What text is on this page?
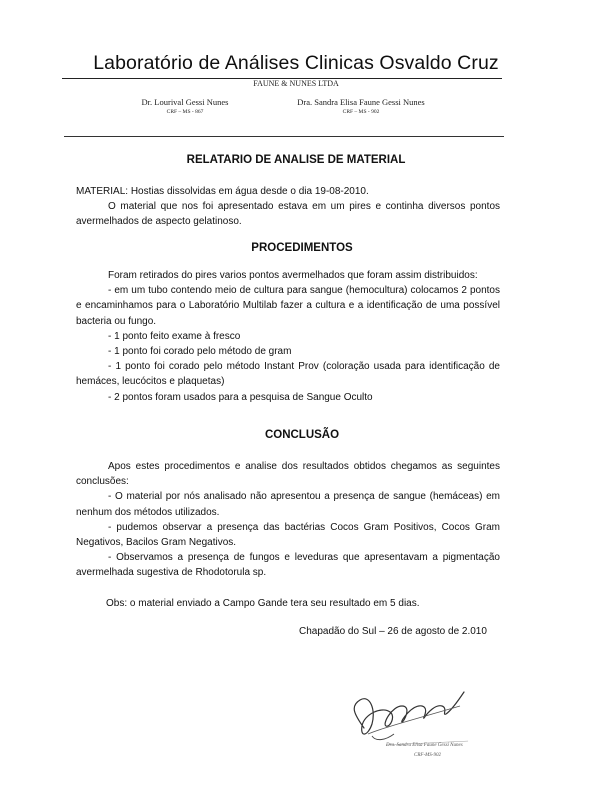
Laboratório de Análises Clinicas Osvaldo Cruz
FAUNE & NUNES LTDA
Dr. Lourival Gessi Nunes
CRF – MS - 867
Dra. Sandra Elisa Faune Gessi Nunes
CRF – MS - 902
RELATARIO DE ANALISE DE MATERIAL

MATERIAL: Hostias dissolvidas em água desde o dia 19-08-2010.

O material que nos foi apresentado estava em um pires e continha diversos pontos avermelhados de aspecto gelatinoso.

PROCEDIMENTOS

Foram retirados do pires varios pontos avermelhados que foram assim distribuidos:

- em um tubo contendo meio de cultura para sangue (hemocultura) colocamos 2 pontos e encaminhamos para o Laboratório Multilab fazer a cultura e a identificação de uma possível bacteria ou fungo.

- 1 ponto feito exame à fresco

- 1 ponto foi corado pelo método de gram

- 1 ponto foi corado pelo método Instant Prov (coloração usada para identificação de hemáces, leucócitos e plaquetas)

- 2 pontos foram usados para a pesquisa de Sangue Oculto

CONCLUSÃO

Apos estes procedimentos e analise dos resultados obtidos chegamos as seguintes conclusões:

- O material por nós analisado não apresentou a presença de sangue (hemáceas) em nenhum dos métodos utilizados.

- pudemos observar a presença das bactérias Cocos Gram Positivos, Cocos Gram Negativos, Bacilos Gram Negativos.

- Observamos a presença de fungos e leveduras que apresentavam a pigmentação avermelhada sugestiva de Rhodotorula sp.

Obs: o material enviado a Campo Gande tera seu resultado em 5 dias.
Chapadão do Sul – 26 de agosto de 2.010
Dra. Sandra Elisa Faune Gessi Nunes
CRF-MS-902
